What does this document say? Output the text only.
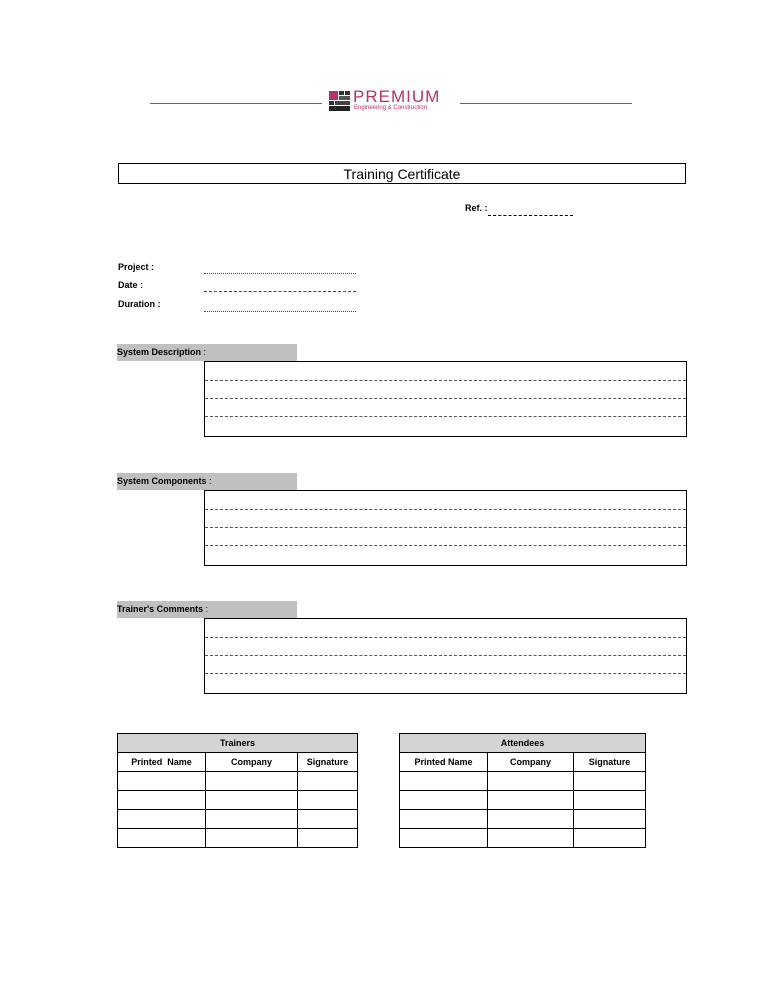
PREMIUM
Engineering & Construction
Training Certificate
Ref. :
Project :
Date :
Duration :
System Description :
System Components :
Trainer's Comments :
Trainers		
Printed  Name	Company	Signature

Attendees		
Printed Name	Company	Signature
